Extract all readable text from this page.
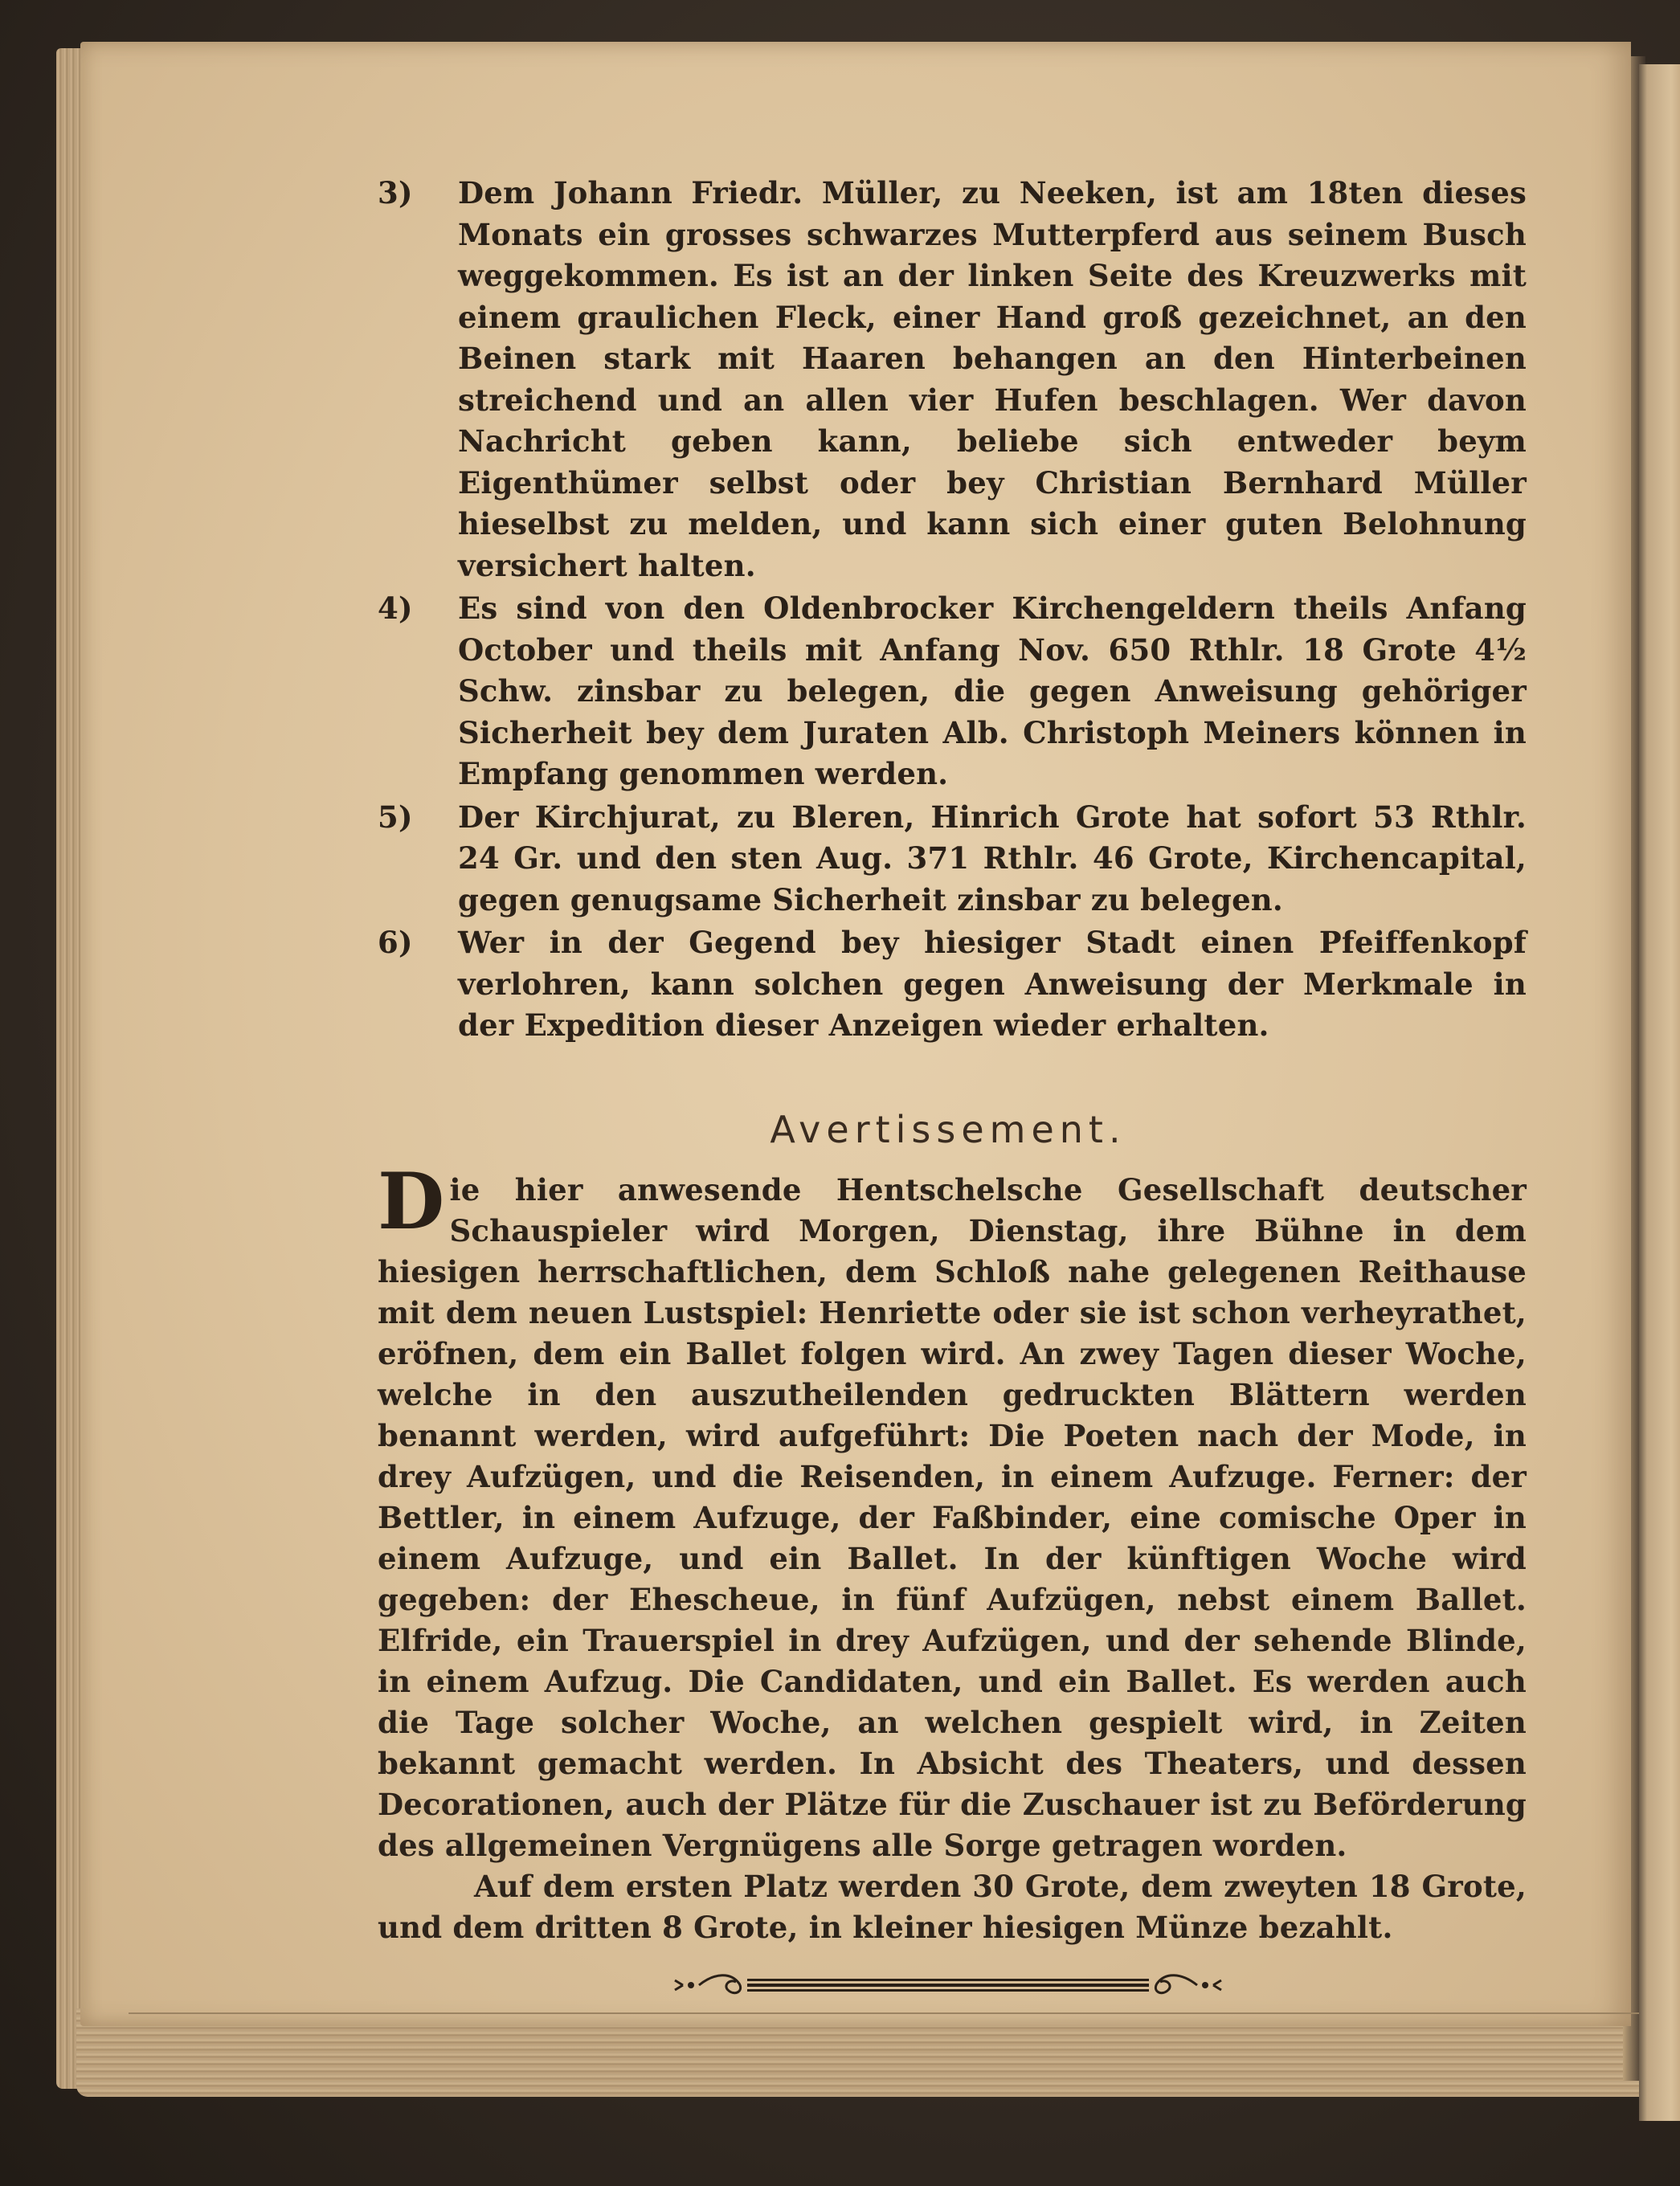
3)	Dem Johann Friedr. Müller, zu Neeken, ist am 18ten dieses Monats ein grosses schwarzes Mutterpferd aus seinem Busch weggekommen. Es ist an der linken Seite des Kreuzwerks mit einem graulichen Fleck, einer Hand groß gezeichnet, an den Beinen stark mit Haaren behangen an den Hinterbeinen streichend und an allen vier Hufen beschlagen. Wer davon Nachricht geben kann, beliebe sich entweder beym Eigenthümer selbst oder bey Christian Bernhard Müller hieselbst zu melden, und kann sich einer guten Belohnung versichert halten.
4)	Es sind von den Oldenbrocker Kirchengeldern theils Anfang October und theils mit Anfang Nov. 650 Rthlr. 18 Grote 4½ Schw. zinsbar zu belegen, die gegen Anweisung gehöriger Sicherheit bey dem Juraten Alb. Christoph Meiners können in Empfang genommen werden.
5)	Der Kirchjurat, zu Bleren, Hinrich Grote hat sofort 53 Rthlr. 24 Gr. und den sten Aug. 371 Rthlr. 46 Grote, Kirchencapital, gegen genugsame Sicherheit zinsbar zu belegen.
6)	Wer in der Gegend bey hiesiger Stadt einen Pfeiffenkopf verlohren, kann solchen gegen Anweisung der Merkmale in der Expedition dieser Anzeigen wieder erhalten.
Avertissement.
Die hier anwesende Hentschelsche Gesellschaft deutscher Schauspieler wird Morgen, Dienstag, ihre Bühne in dem hiesigen herrschaftlichen, dem Schloß nahe gelegenen Reithause mit dem neuen Lustspiel: Henriette oder sie ist schon verheyrathet, eröfnen, dem ein Ballet folgen wird. An zwey Tagen dieser Woche, welche in den auszutheilenden gedruckten Blättern werden benannt werden, wird aufgeführt: Die Poeten nach der Mode, in drey Aufzügen, und die Reisenden, in einem Aufzuge. Ferner: der Bettler, in einem Aufzuge, der Faßbinder, eine comische Oper in einem Aufzuge, und ein Ballet. In der künftigen Woche wird gegeben: der Ehescheue, in fünf Aufzügen, nebst einem Ballet. Elfride, ein Trauerspiel in drey Aufzügen, und der sehende Blinde, in einem Aufzug. Die Candidaten, und ein Ballet. Es werden auch die Tage solcher Woche, an welchen gespielt wird, in Zeiten bekannt gemacht werden. In Absicht des Theaters, und dessen Decorationen, auch der Plätze für die Zuschauer ist zu Beförderung des allgemeinen Vergnügens alle Sorge getragen worden.
Auf dem ersten Platz werden 30 Grote, dem zweyten 18 Grote, und dem dritten 8 Grote, in kleiner hiesigen Münze bezahlt.
